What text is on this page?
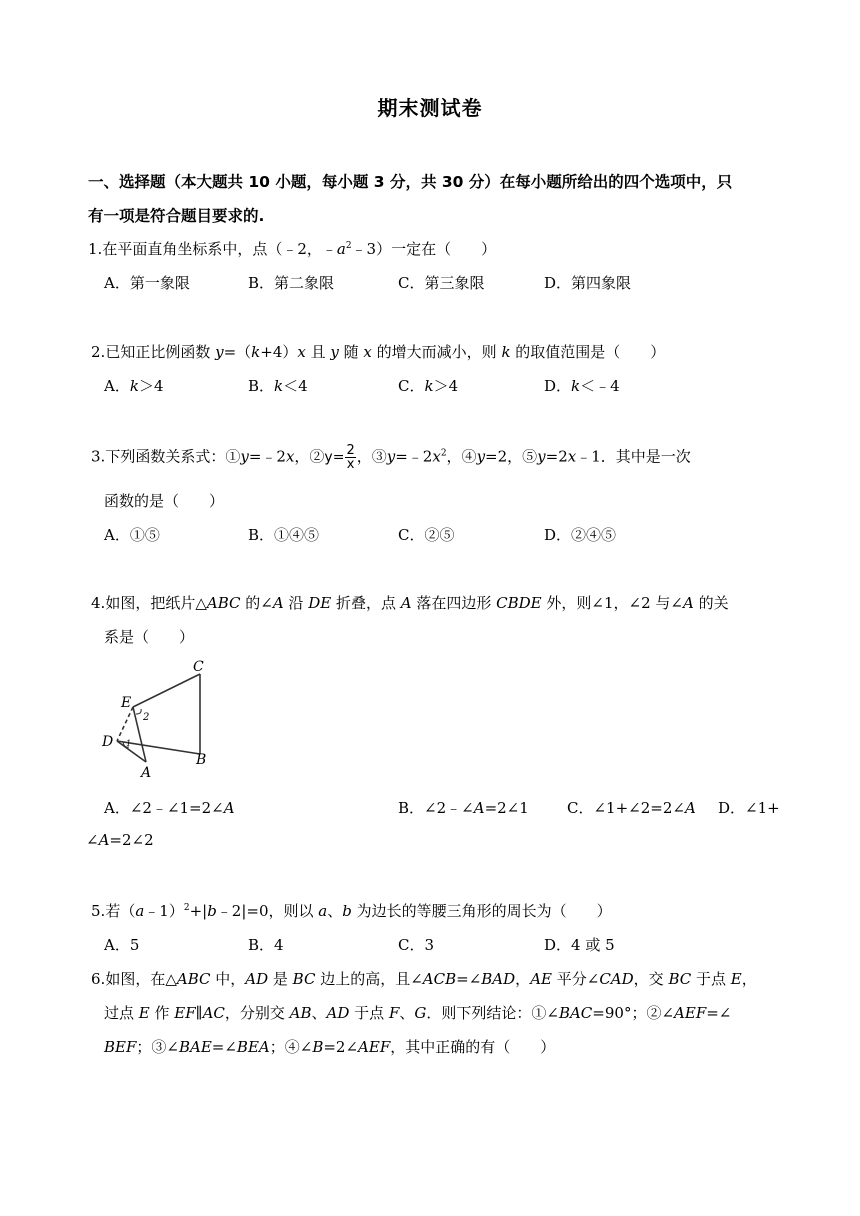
期末测试卷
一、选择题（本大题共 10 小题，每小题 3 分，共 30 分）在每小题所给出的四个选项中，只
有一项是符合题目要求的.
1.在平面直角坐标系中，点（﹣2，$﹣a^2﹣3$）一定在（　　）
A．第一象限	B．第二象限	C．第三象限	D．第四象限
2.已知正比例函数 y=（k+4）x 且 y 随 x 的增大而减小，则 k 的取值范围是（　　）
A．k＞4	B．k＜4	C．k＞4	D．k＜﹣4
3.下列函数关系式：①y=﹣2x，②y= $\frac{2}{x}$ ，$③y=﹣2x^2$，④y=2，⑤y=2x﹣1．其中是一次
函数的是（　　）
A．①⑤	B．①④⑤	C．②⑤	D．②④⑤
4.如图，把纸片△ABC 的∠A 沿 DE 折叠，点 A 落在四边形 CBDE 外，则∠1，∠2 与∠A 的关
系是（　　）
C
E
2
D 1
A
B
A．∠2﹣∠1=2∠A	B．∠2﹣∠A=2∠1	C．∠1+∠2=2∠A D．∠1+
∠A=2∠2
5.若（a﹣1）$^2$+|b﹣2|=0，则以 a、b 为边长的等腰三角形的周长为（　　）
A．5	B．4	C．3	D．4 或 5
6.如图，在△ABC 中，AD 是 BC 边上的高，且∠ACB=∠BAD，AE 平分∠CAD，交 BC 于点 E，
过点 E 作 EF∥AC，分别交 AB、AD 于点 F、G．则下列结论：①∠BAC=90°；②∠AEF=∠
BEF；③∠BAE=∠BEA；④∠B=2∠AEF，其中正确的有（　　）
